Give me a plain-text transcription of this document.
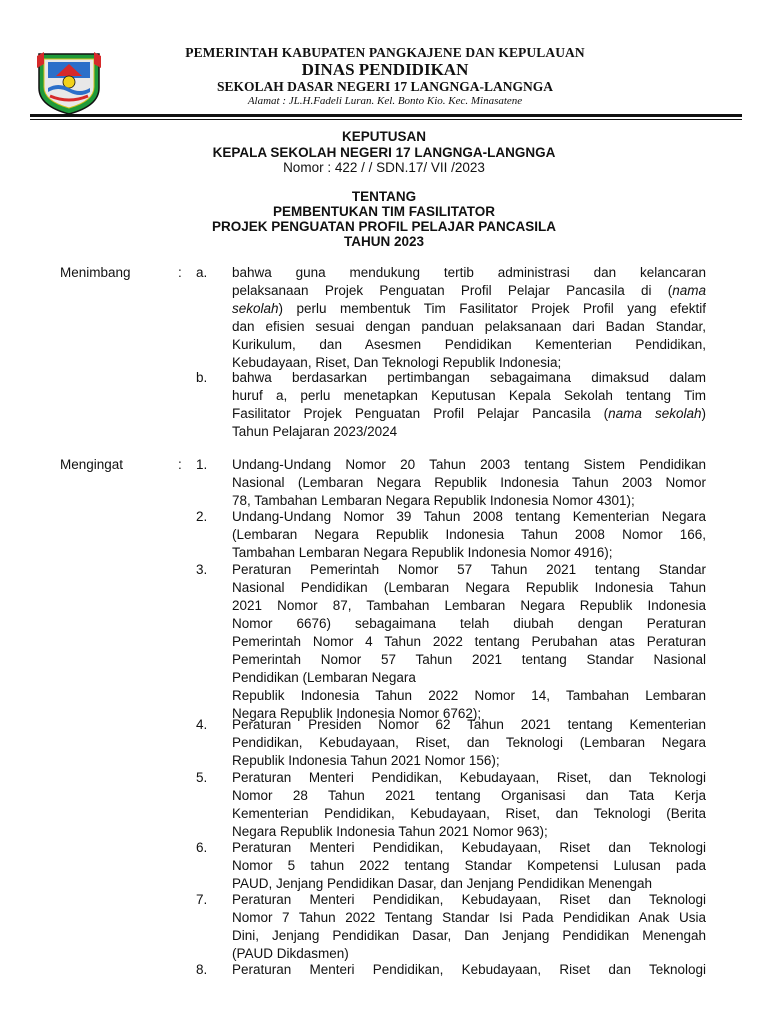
PEMERINTAH KABUPATEN PANGKAJENE DAN KEPULAUAN
DINAS PENDIDIKAN
SEKOLAH DASAR NEGERI 17 LANGNGA-LANGNGA
Alamat : JL.H.Fadeli Luran. Kel. Bonto Kio. Kec. Minasatene
KEPUTUSAN
KEPALA SEKOLAH NEGERI 17 LANGNGA-LANGNGA
Nomor : 422 / / SDN.17/ VII /2023
TENTANG
PEMBENTUKAN TIM FASILITATOR
PROJEK PENGUATAN PROFIL PELAJAR PANCASILA
TAHUN 2023
Menimbang	: a. bahwa guna mendukung tertib administrasi dan kelancaran
pelaksanaan Projek Penguatan Profil Pelajar Pancasila di (nama
sekolah) perlu membentuk Tim Fasilitator Projek Profil yang efektif
dan efisien sesuai dengan panduan pelaksanaan dari Badan Standar,
Kurikulum, dan Asesmen Pendidikan Kementerian Pendidikan,
Kebudayaan, Riset, Dan Teknologi Republik Indonesia;
b. bahwa berdasarkan pertimbangan sebagaimana dimaksud dalam
huruf a, perlu menetapkan Keputusan Kepala Sekolah tentang Tim
Fasilitator Projek Penguatan Profil Pelajar Pancasila (nama sekolah)
Tahun Pelajaran 2023/2024
Mengingat	: 1. Undang-Undang Nomor 20 Tahun 2003 tentang Sistem Pendidikan
Nasional (Lembaran Negara Republik Indonesia Tahun 2003 Nomor
78, Tambahan Lembaran Negara Republik Indonesia Nomor 4301);
2. Undang-Undang Nomor 39 Tahun 2008 tentang Kementerian Negara
(Lembaran Negara Republik Indonesia Tahun 2008 Nomor 166,
Tambahan Lembaran Negara Republik Indonesia Nomor 4916);
3. Peraturan Pemerintah Nomor 57 Tahun 2021 tentang Standar
Nasional Pendidikan (Lembaran Negara Republik Indonesia Tahun
2021 Nomor 87, Tambahan Lembaran Negara Republik Indonesia
Nomor 6676) sebagaimana telah diubah dengan Peraturan
Pemerintah Nomor 4 Tahun 2022 tentang Perubahan atas Peraturan
Pemerintah Nomor 57 Tahun 2021 tentang Standar Nasional
Pendidikan (Lembaran Negara
Republik Indonesia Tahun 2022 Nomor 14, Tambahan Lembaran
Negara Republik Indonesia Nomor 6762);
4. Peraturan Presiden Nomor 62 Tahun 2021 tentang Kementerian
Pendidikan, Kebudayaan, Riset, dan Teknologi (Lembaran Negara
Republik Indonesia Tahun 2021 Nomor 156);
5. Peraturan Menteri Pendidikan, Kebudayaan, Riset, dan Teknologi
Nomor 28 Tahun 2021 tentang Organisasi dan Tata Kerja
Kementerian Pendidikan, Kebudayaan, Riset, dan Teknologi (Berita
Negara Republik Indonesia Tahun 2021 Nomor 963);
6. Peraturan Menteri Pendidikan, Kebudayaan, Riset dan Teknologi
Nomor 5 tahun 2022 tentang Standar Kompetensi Lulusan pada
PAUD, Jenjang Pendidikan Dasar, dan Jenjang Pendidikan Menengah
7. Peraturan Menteri Pendidikan, Kebudayaan, Riset dan Teknologi
Nomor 7 Tahun 2022 Tentang Standar Isi Pada Pendidikan Anak Usia
Dini, Jenjang Pendidikan Dasar, Dan Jenjang Pendidikan Menengah
(PAUD Dikdasmen)
8. Peraturan Menteri Pendidikan, Kebudayaan, Riset dan Teknologi
